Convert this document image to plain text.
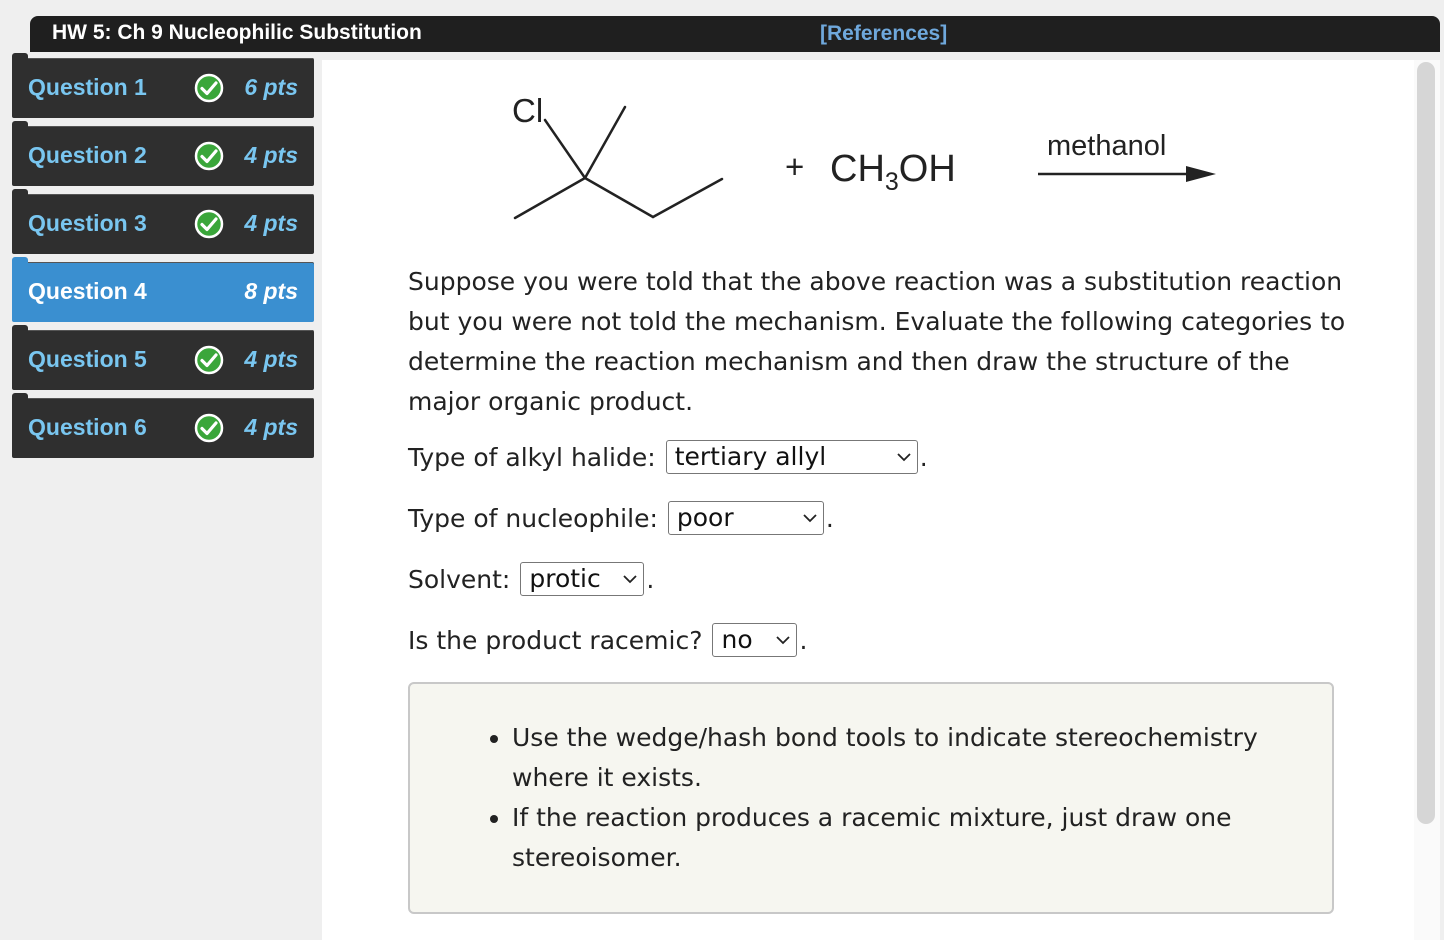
HW 5: Ch 9 Nucleophilic Substitution	[References]
Question 1	6 pts
Question 2	4 pts
Question 3	4 pts
Question 4	8 pts
Question 5	4 pts
Question 6	4 pts
Cl
+ $CH_3OH$
methanol

Suppose you were told that the above reaction was a substitution reaction but you were not told the mechanism. Evaluate the following categories to determine the reaction mechanism and then draw the structure of the major organic product.

Type of alkyl halide: tertiary allyl	.
Type of nucleophile: poor	.
Solvent: protic	.
Is the product racemic? no	.
• Use the wedge/hash bond tools to indicate stereochemistry where it exists.
• If the reaction produces a racemic mixture, just draw one stereoisomer.
